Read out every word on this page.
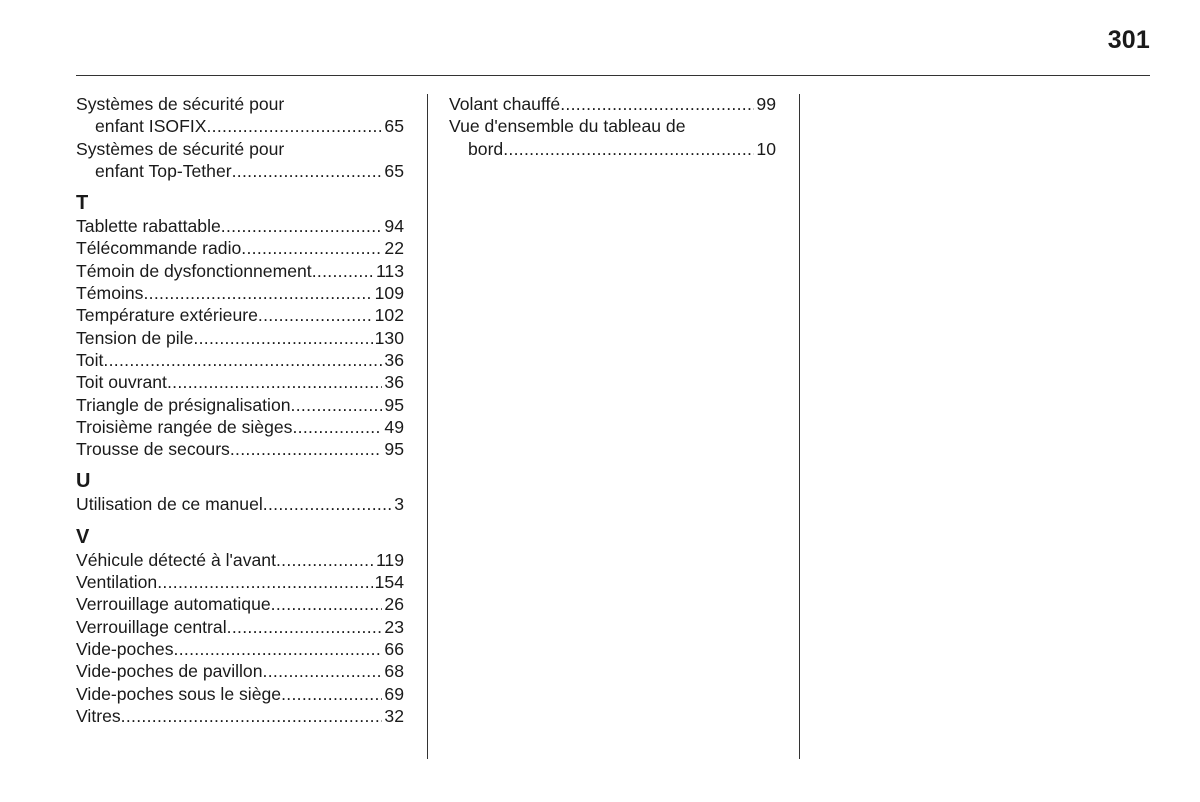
301
Systèmes de sécurité pour
enfant ISOFIX .....	65
Systèmes de sécurité pour
enfant Top-Tether .....	65
T
Tablette rabattable .....	94
Télécommande radio .....	22
Témoin de dysfonctionnement .....	113
Témoins .....	109
Température extérieure .....	102
Tension de pile .....	130
Toit .....	36
Toit ouvrant .....	36
Triangle de présignalisation .....	95
Troisième rangée de sièges .....	49
Trousse de secours .....	95
U
Utilisation de ce manuel .....	3
V
Véhicule détecté à l'avant .....	119
Ventilation .....	154
Verrouillage automatique .....	26
Verrouillage central .....	23
Vide-poches .....	66
Vide-poches de pavillon .....	68
Vide-poches sous le siège .....	69
Vitres .....	32
Volant chauffé .....	99
Vue d'ensemble du tableau de
bord .....	10
